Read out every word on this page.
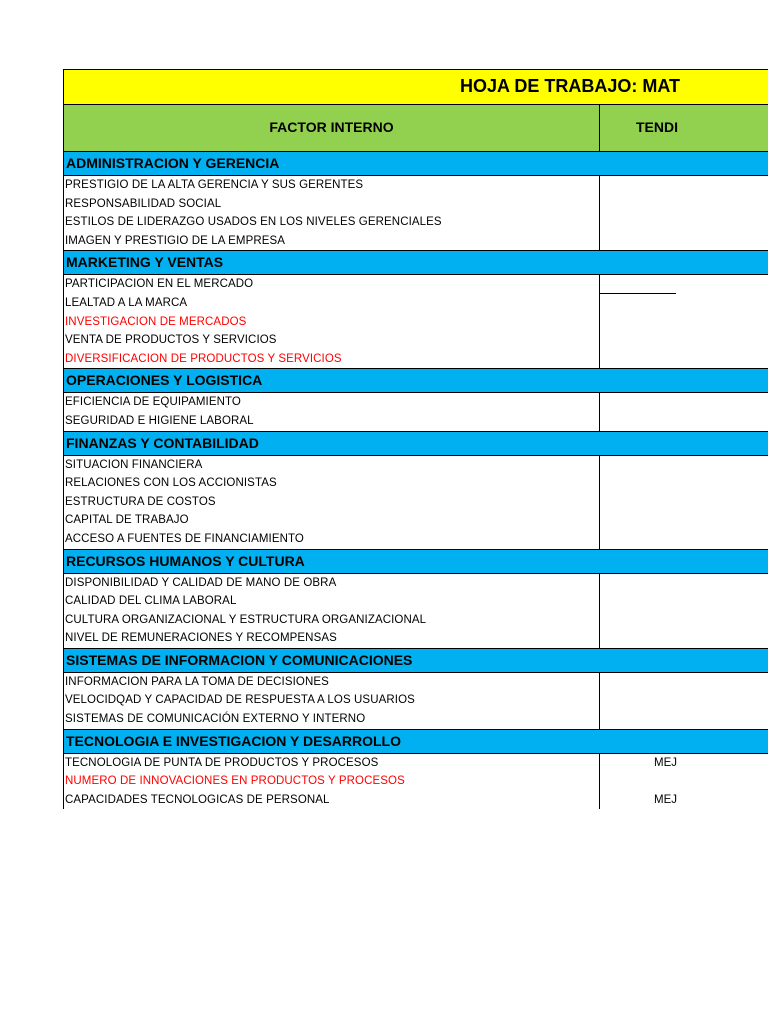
HOJA DE TRABAJO: MAT
FACTOR INTERNO	TENDI
ADMINISTRACION Y GERENCIA
PRESTIGIO DE LA ALTA GERENCIA Y SUS GERENTES
RESPONSABILIDAD SOCIAL
ESTILOS DE LIDERAZGO USADOS EN LOS NIVELES GERENCIALES
IMAGEN Y PRESTIGIO DE LA EMPRESA
MARKETING Y VENTAS
PARTICIPACION EN EL MERCADO
LEALTAD A LA MARCA
INVESTIGACION DE MERCADOS
VENTA DE PRODUCTOS Y SERVICIOS
DIVERSIFICACION DE PRODUCTOS Y SERVICIOS
OPERACIONES Y LOGISTICA
EFICIENCIA DE EQUIPAMIENTO
SEGURIDAD E HIGIENE LABORAL
FINANZAS Y CONTABILIDAD
SITUACION FINANCIERA
RELACIONES CON LOS ACCIONISTAS
ESTRUCTURA DE COSTOS
CAPITAL DE TRABAJO
ACCESO A FUENTES DE FINANCIAMIENTO
RECURSOS HUMANOS Y CULTURA
DISPONIBILIDAD Y CALIDAD DE MANO DE OBRA
CALIDAD DEL CLIMA LABORAL
CULTURA ORGANIZACIONAL Y ESTRUCTURA ORGANIZACIONAL
NIVEL DE REMUNERACIONES Y RECOMPENSAS
SISTEMAS DE INFORMACION Y COMUNICACIONES
INFORMACION PARA LA TOMA DE DECISIONES
VELOCIDQAD Y CAPACIDAD DE RESPUESTA A LOS USUARIOS
SISTEMAS DE COMUNICACIÓN EXTERNO Y INTERNO
TECNOLOGIA E INVESTIGACION Y DESARROLLO
TECNOLOGIA DE PUNTA DE PRODUCTOS Y PROCESOS	MEJ
NUMERO DE INNOVACIONES EN PRODUCTOS Y PROCESOS
CAPACIDADES TECNOLOGICAS DE PERSONAL	MEJ
